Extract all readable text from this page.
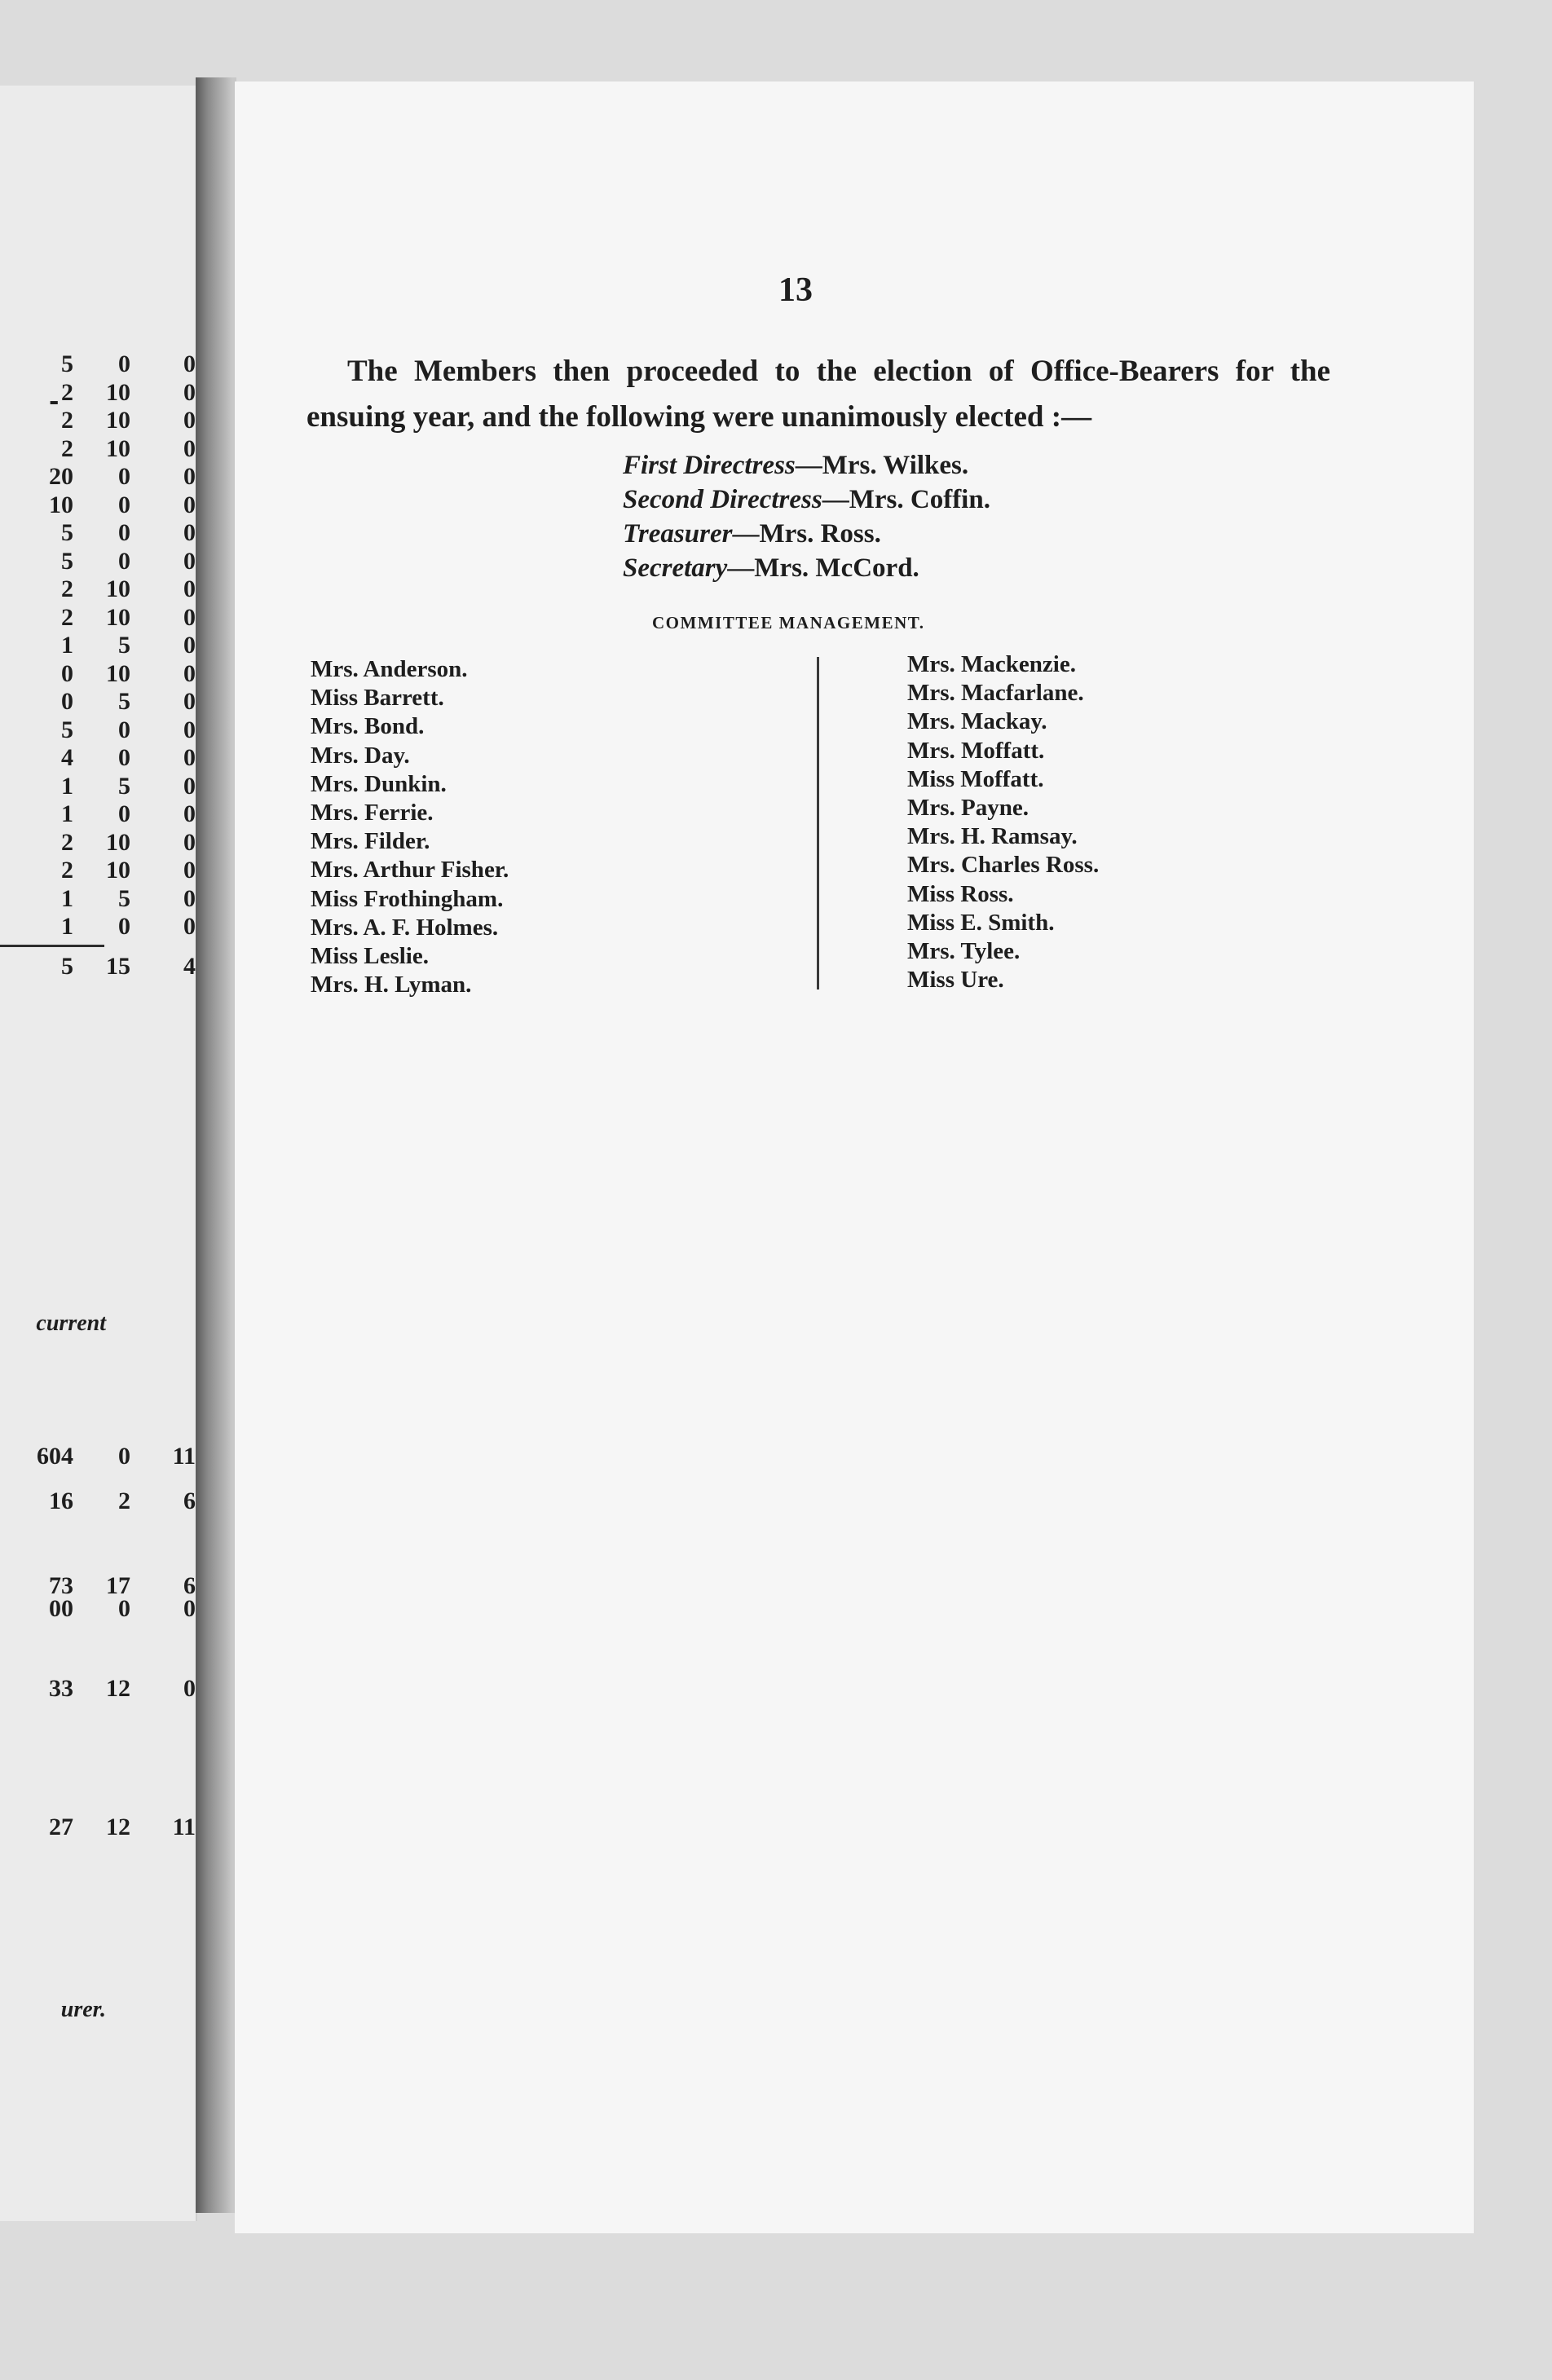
-
5 0 0
2 10 0
2 10 0
2 10 0
20 0 0
10 0 0
5 0 0
5 0 0
2 10 0
2 10 0
1 5 0
0 10 0
0 5 0
5 0 0
4 0 0
1 5 0
1 0 0
2 10 0
2 10 0
1 5 0
1 0 0
5 15 4
current
604 0 11
16 2 6
73 17 6
00 0 0
33 12 0
27 12 11
urer.
13
The Members then proceeded to the election of Office-Bearers for the ensuing year, and the following were unanimously elected :—
First Directress—Mrs. Wilkes.
Second Directress—Mrs. Coffin.
Treasurer—Mrs. Ross.
Secretary—Mrs. McCord.
COMMITTEE MANAGEMENT.
Mrs. Anderson.
Miss Barrett.
Mrs. Bond.
Mrs. Day.
Mrs. Dunkin.
Mrs. Ferrie.
Mrs. Filder.
Mrs. Arthur Fisher.
Miss Frothingham.
Mrs. A. F. Holmes.
Miss Leslie.
Mrs. H. Lyman.
Mrs. Mackenzie.
Mrs. Macfarlane.
Mrs. Mackay.
Mrs. Moffatt.
Miss Moffatt.
Mrs. Payne.
Mrs. H. Ramsay.
Mrs. Charles Ross.
Miss Ross.
Miss E. Smith.
Mrs. Tylee.
Miss Ure.
